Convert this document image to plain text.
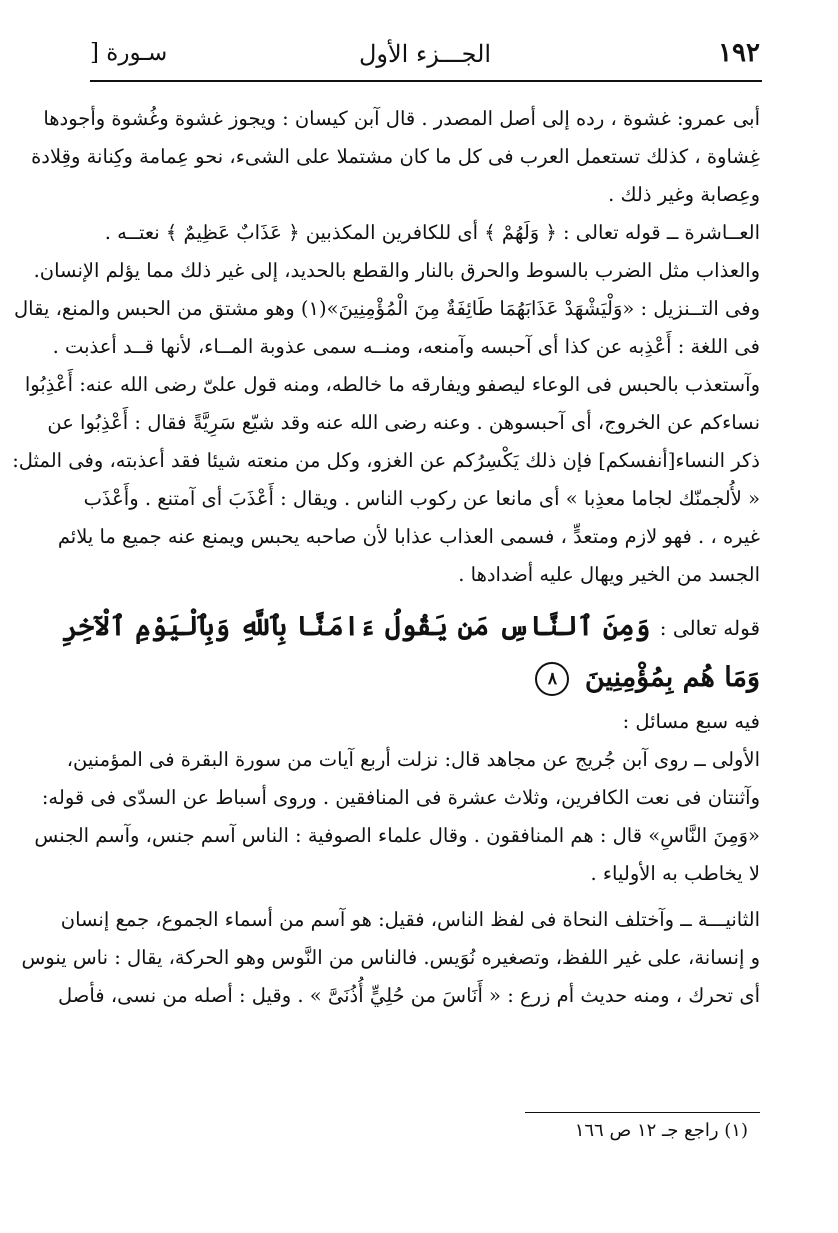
١٩٢
الجـــزء الأول
سـورة [
أبى عمرو: غشوة ، رده إلى أصل المصدر . قال آبن كيسان : ويجوز غشوة وغُشوة وأجودها
غِشاوة ، كذلك تستعمل العرب فى كل ما كان مشتملا على الشىء، نحو عِمامة وكِنانة وقِلادة
وعِصابة وغير ذلك .
العــاشرة ــ قوله تعالى : ﴿ وَلَهُمْ ﴾ أى للكافرين المكذبين ﴿ عَذَابٌ عَظِيمٌ ﴾ نعتــه .
والعذاب مثل الضرب بالسوط والحرق بالنار والقطع بالحديد، إلى غير ذلك مما يؤلم الإنسان.
وفى التــنزيل : «وَلْيَشْهَدْ عَذَابَهُمَا طَائِفَةٌ مِنَ الْمُؤْمِنِينَ»(١) وهو مشتق من الحبس والمنع، يقال
فى اللغة : أَعْذِبه عن كذا أى آحبسه وآمنعه، ومنــه سمى عذوبة المــاء، لأنها قــد أعذبت .
وآستعذب بالحبس فى الوعاء ليصفو ويفارقه ما خالطه، ومنه قول علىّ رضى الله عنه: أَعْذِبُوا
نساءكم عن الخروج، أى آحبسوهن . وعنه رضى الله عنه وقد شيّع سَرِيَّةً فقال : أَعْذِبُوا عن
ذكر النساء[أنفسكم] فإن ذلك يَكْسِرُكم عن الغزو، وكل من منعته شيئا فقد أعذبته، وفى المثل:
« لأُلجمنّك لجاما معذِبا » أى مانعا عن ركوب الناس . ويقال : أَعْذَبَ أى آمتنع . وأَعْذَب
غيره ، . فهو لازم ومتعدٍّ ، فسمى العذاب عذابا لأن صاحبه يحبس ويمنع عنه جميع ما يلائم
الجسد من الخير ويهال عليه أضدادها .
قوله تعالى : وَمِنَ ٱلنَّاسِ مَن يَقُولُ ءَامَنَّا بِٱللَّهِ وَبِٱلْيَوْمِ ٱلْآخِرِ
وَمَا هُم بِمُؤْمِنِينَ ٨
فيه سبع مسائل :
الأولى ــ روى آبن جُريج عن مجاهد قال: نزلت أربع آيات من سورة البقرة فى المؤمنين،
وآثنتان فى نعت الكافرين، وثلاث عشرة فى المنافقين . وروى أسباط عن السدّى فى قوله:
«وَمِنَ النَّاسِ» قال : هم المنافقون . وقال علماء الصوفية : الناس آسم جنس، وآسم الجنس
لا يخاطب به الأولياء .
الثانيـــة ــ وآختلف النحاة فى لفظ الناس، فقيل: هو آسم من أسماء الجموع، جمع إنسان
و إنسانة، على غير اللفظ، وتصغيره نُوَيس. فالناس من النَّوس وهو الحركة، يقال : ناس ينوس
أى تحرك ، ومنه حديث أم زرع : « أَنَاسَ من حُلِيٍّ أُذُنَىَّ » . وقيل : أصله من نسى، فأصل
(١) راجع جـ ١٢ ص ١٦٦
